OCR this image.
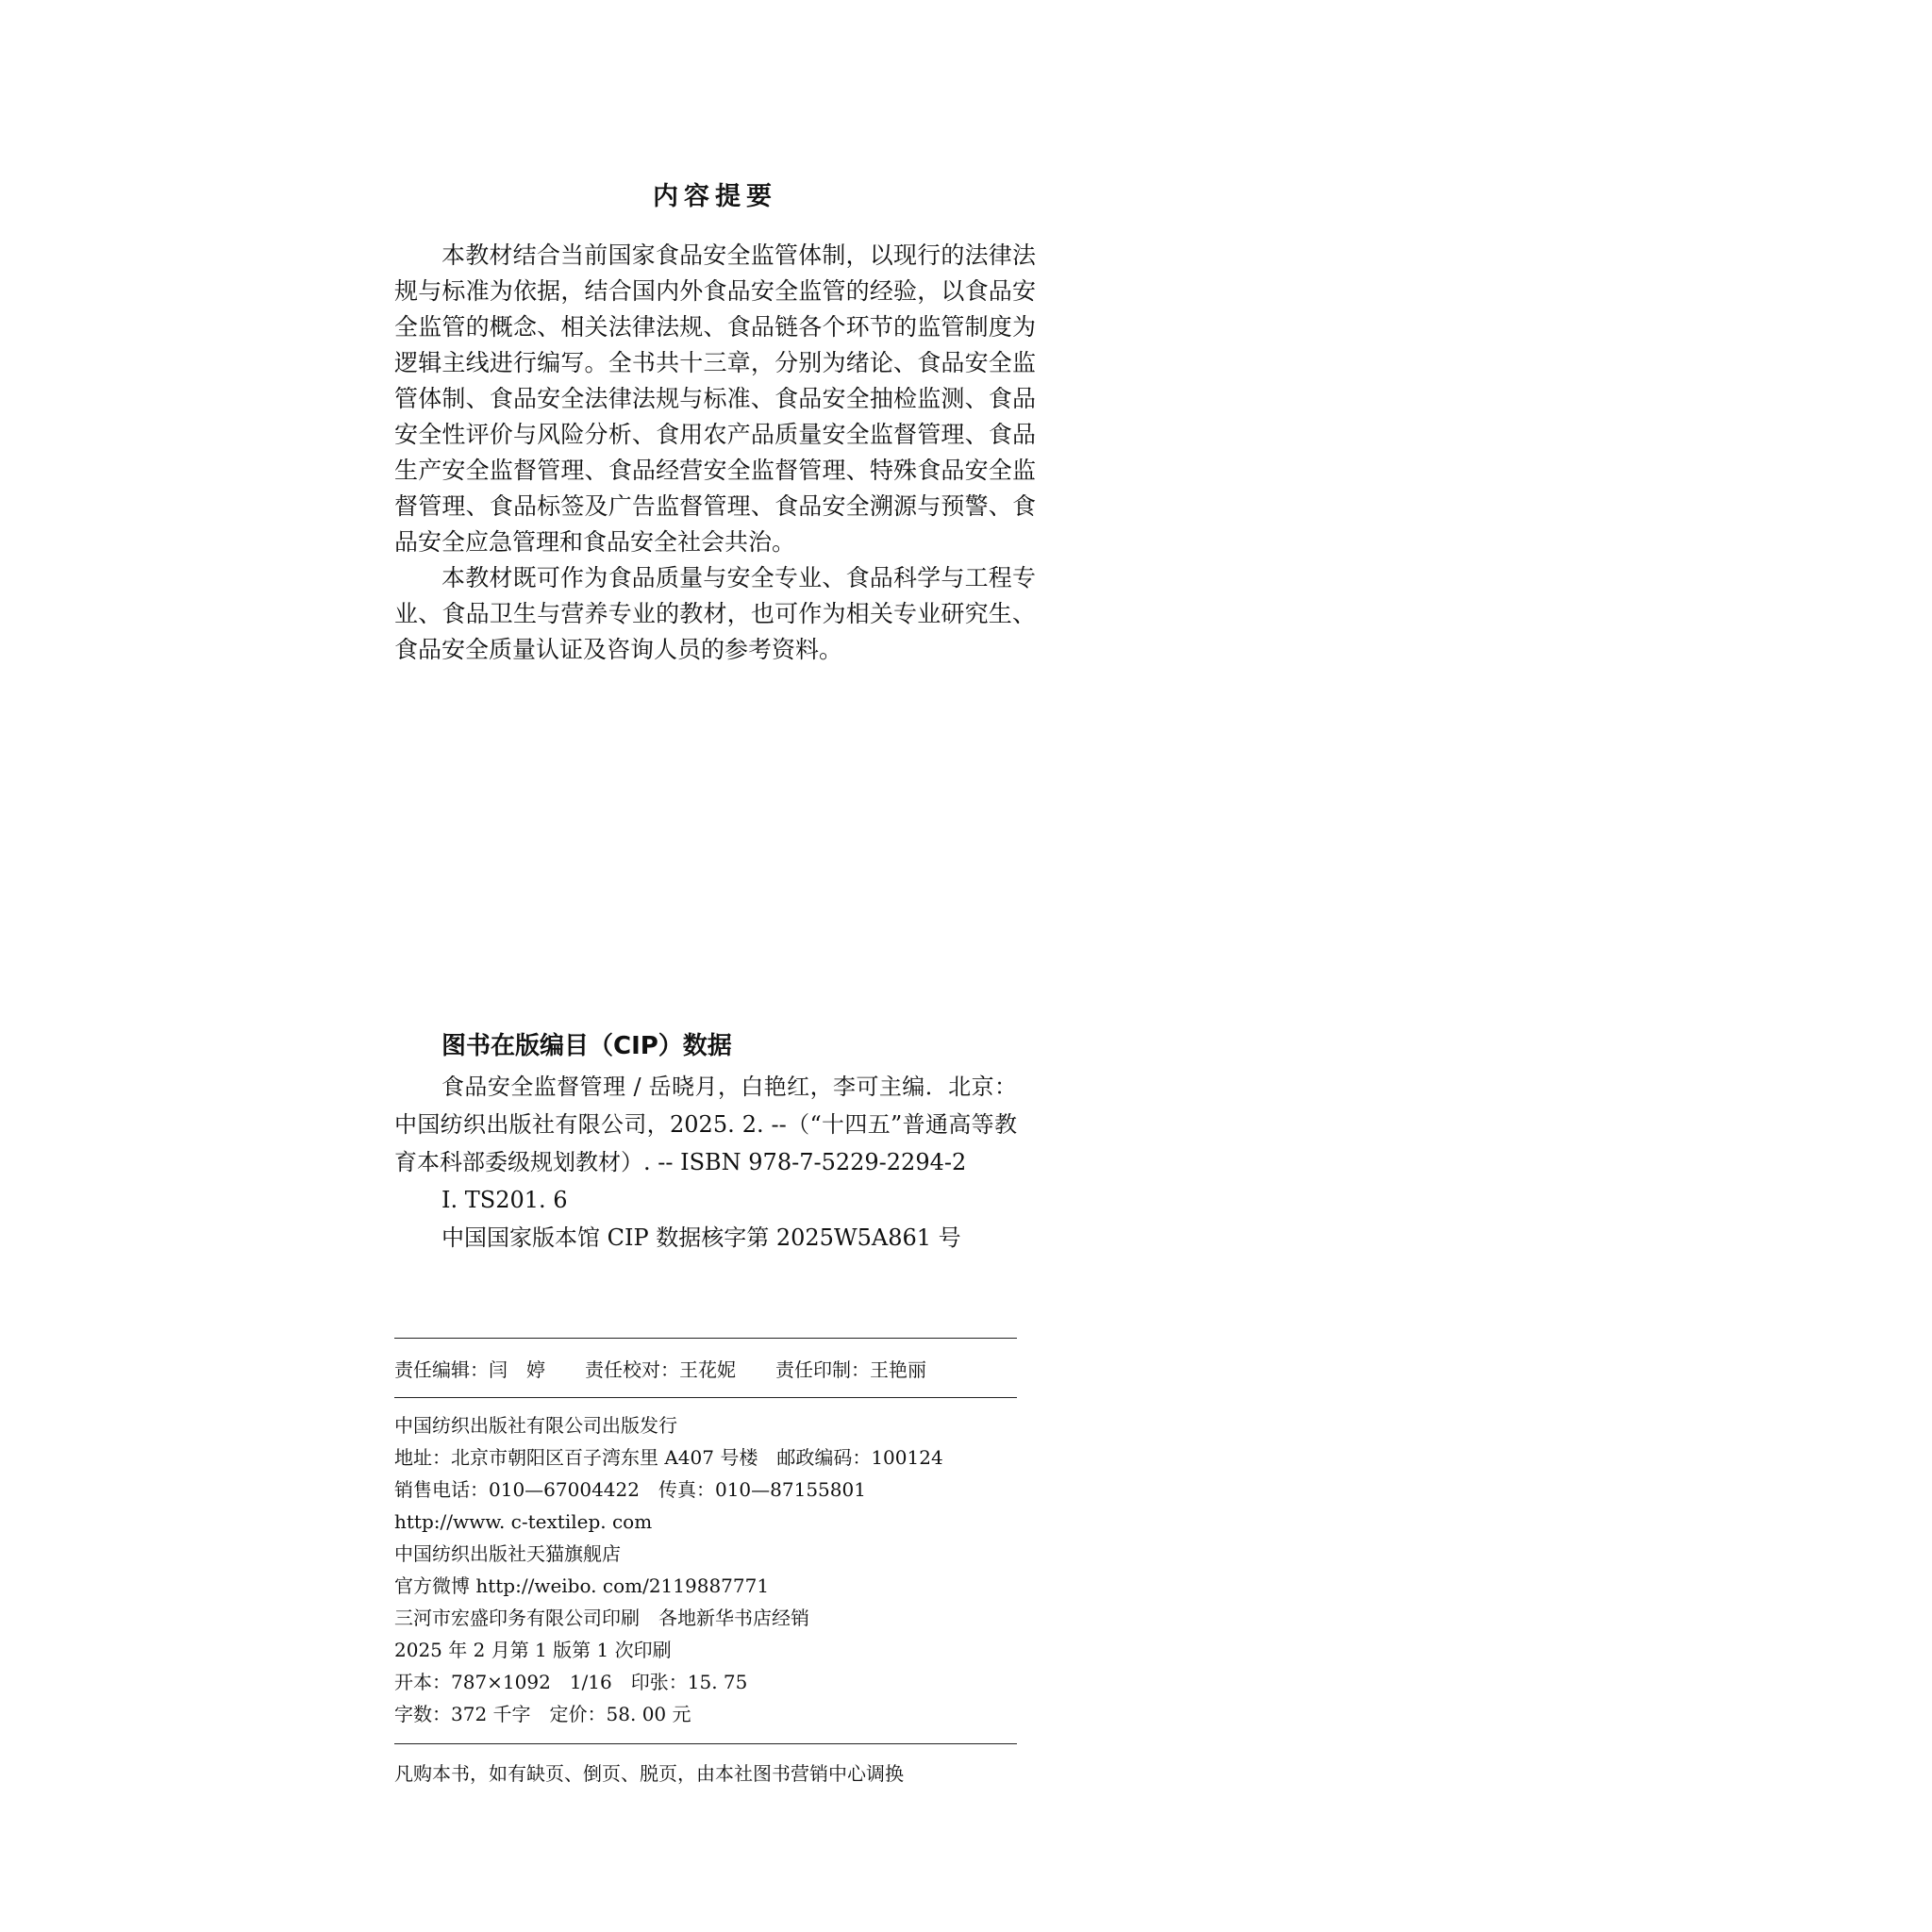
内容提要

本教材结合当前国家食品安全监管体制，以现行的法律法规与标准为依据，结合国内外食品安全监管的经验，以食品安全监管的概念、相关法律法规、食品链各个环节的监管制度为逻辑主线进行编写。全书共十三章，分别为绪论、食品安全监管体制、食品安全法律法规与标准、食品安全抽检监测、食品安全性评价与风险分析、食用农产品质量安全监督管理、食品生产安全监督管理、食品经营安全监督管理、特殊食品安全监督管理、食品标签及广告监督管理、食品安全溯源与预警、食品安全应急管理和食品安全社会共治。

本教材既可作为食品质量与安全专业、食品科学与工程专业、食品卫生与营养专业的教材，也可作为相关专业研究生、食品安全质量认证及咨询人员的参考资料。

图书在版编目（CIP）数据
食品安全监督管理 / 岳晓月，白艳红，李可主编．北京：中国纺织出版社有限公司，2025. 2. --（“十四五”普通高等教育本科部委级规划教材）. -- ISBN 978-7-5229-2294-2
Ⅰ. TS201. 6
中国国家版本馆 CIP 数据核字第 2025W5A861 号
责任编辑：闫　婷 责任校对：王花妮 责任印制：王艳丽
中国纺织出版社有限公司出版发行
地址：北京市朝阳区百子湾东里 A407 号楼　邮政编码：100124
销售电话：010—67004422　传真：010—87155801
http://www. c-textilep. com
中国纺织出版社天猫旗舰店
官方微博 http://weibo. com/2119887771
三河市宏盛印务有限公司印刷　各地新华书店经销
2025 年 2 月第 1 版第 1 次印刷
开本：787×1092　1/16　印张：15. 75
字数：372 千字　定价：58. 00 元
凡购本书，如有缺页、倒页、脱页，由本社图书营销中心调换
